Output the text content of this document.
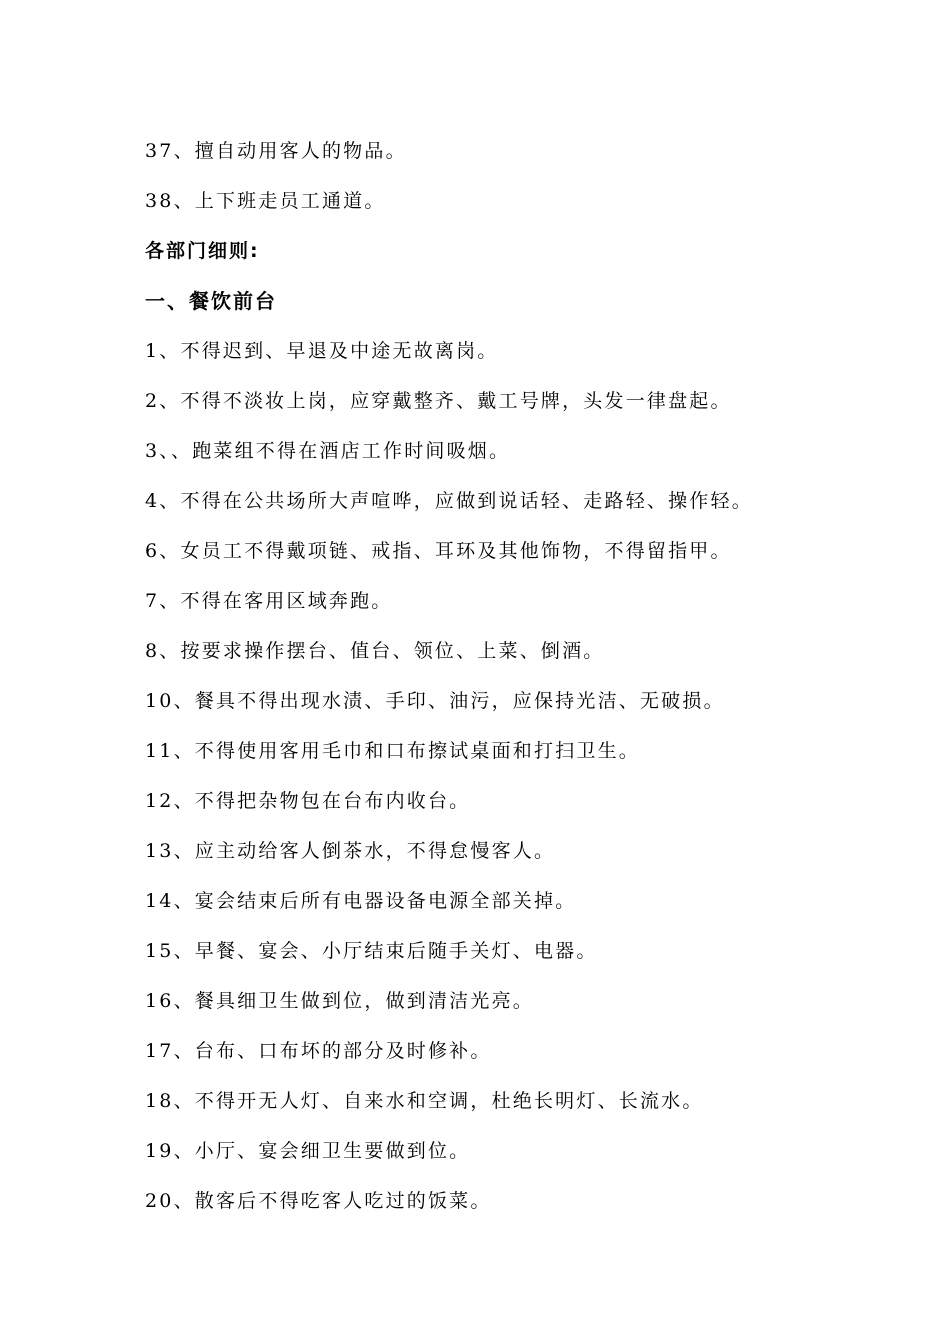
37、擅自动用客人的物品。
38、上下班走员工通道。
各部门细则:
一、餐饮前台
1、不得迟到、早退及中途无故离岗。
2、不得不淡妆上岗，应穿戴整齐、戴工号牌，头发一律盘起。
3、、跑菜组不得在酒店工作时间吸烟。
4、不得在公共场所大声喧哗，应做到说话轻、走路轻、操作轻。
6、女员工不得戴项链、戒指、耳环及其他饰物，不得留指甲。
7、不得在客用区域奔跑。
8、按要求操作摆台、值台、领位、上菜、倒酒。
10、餐具不得出现水渍、手印、油污，应保持光洁、无破损。
11、不得使用客用毛巾和口布擦试桌面和打扫卫生。
12、不得把杂物包在台布内收台。
13、应主动给客人倒茶水，不得怠慢客人。
14、宴会结束后所有电器设备电源全部关掉。
15、早餐、宴会、小厅结束后随手关灯、电器。
16、餐具细卫生做到位，做到清洁光亮。
17、台布、口布坏的部分及时修补。
18、不得开无人灯、自来水和空调，杜绝长明灯、长流水。
19、小厅、宴会细卫生要做到位。
20、散客后不得吃客人吃过的饭菜。
